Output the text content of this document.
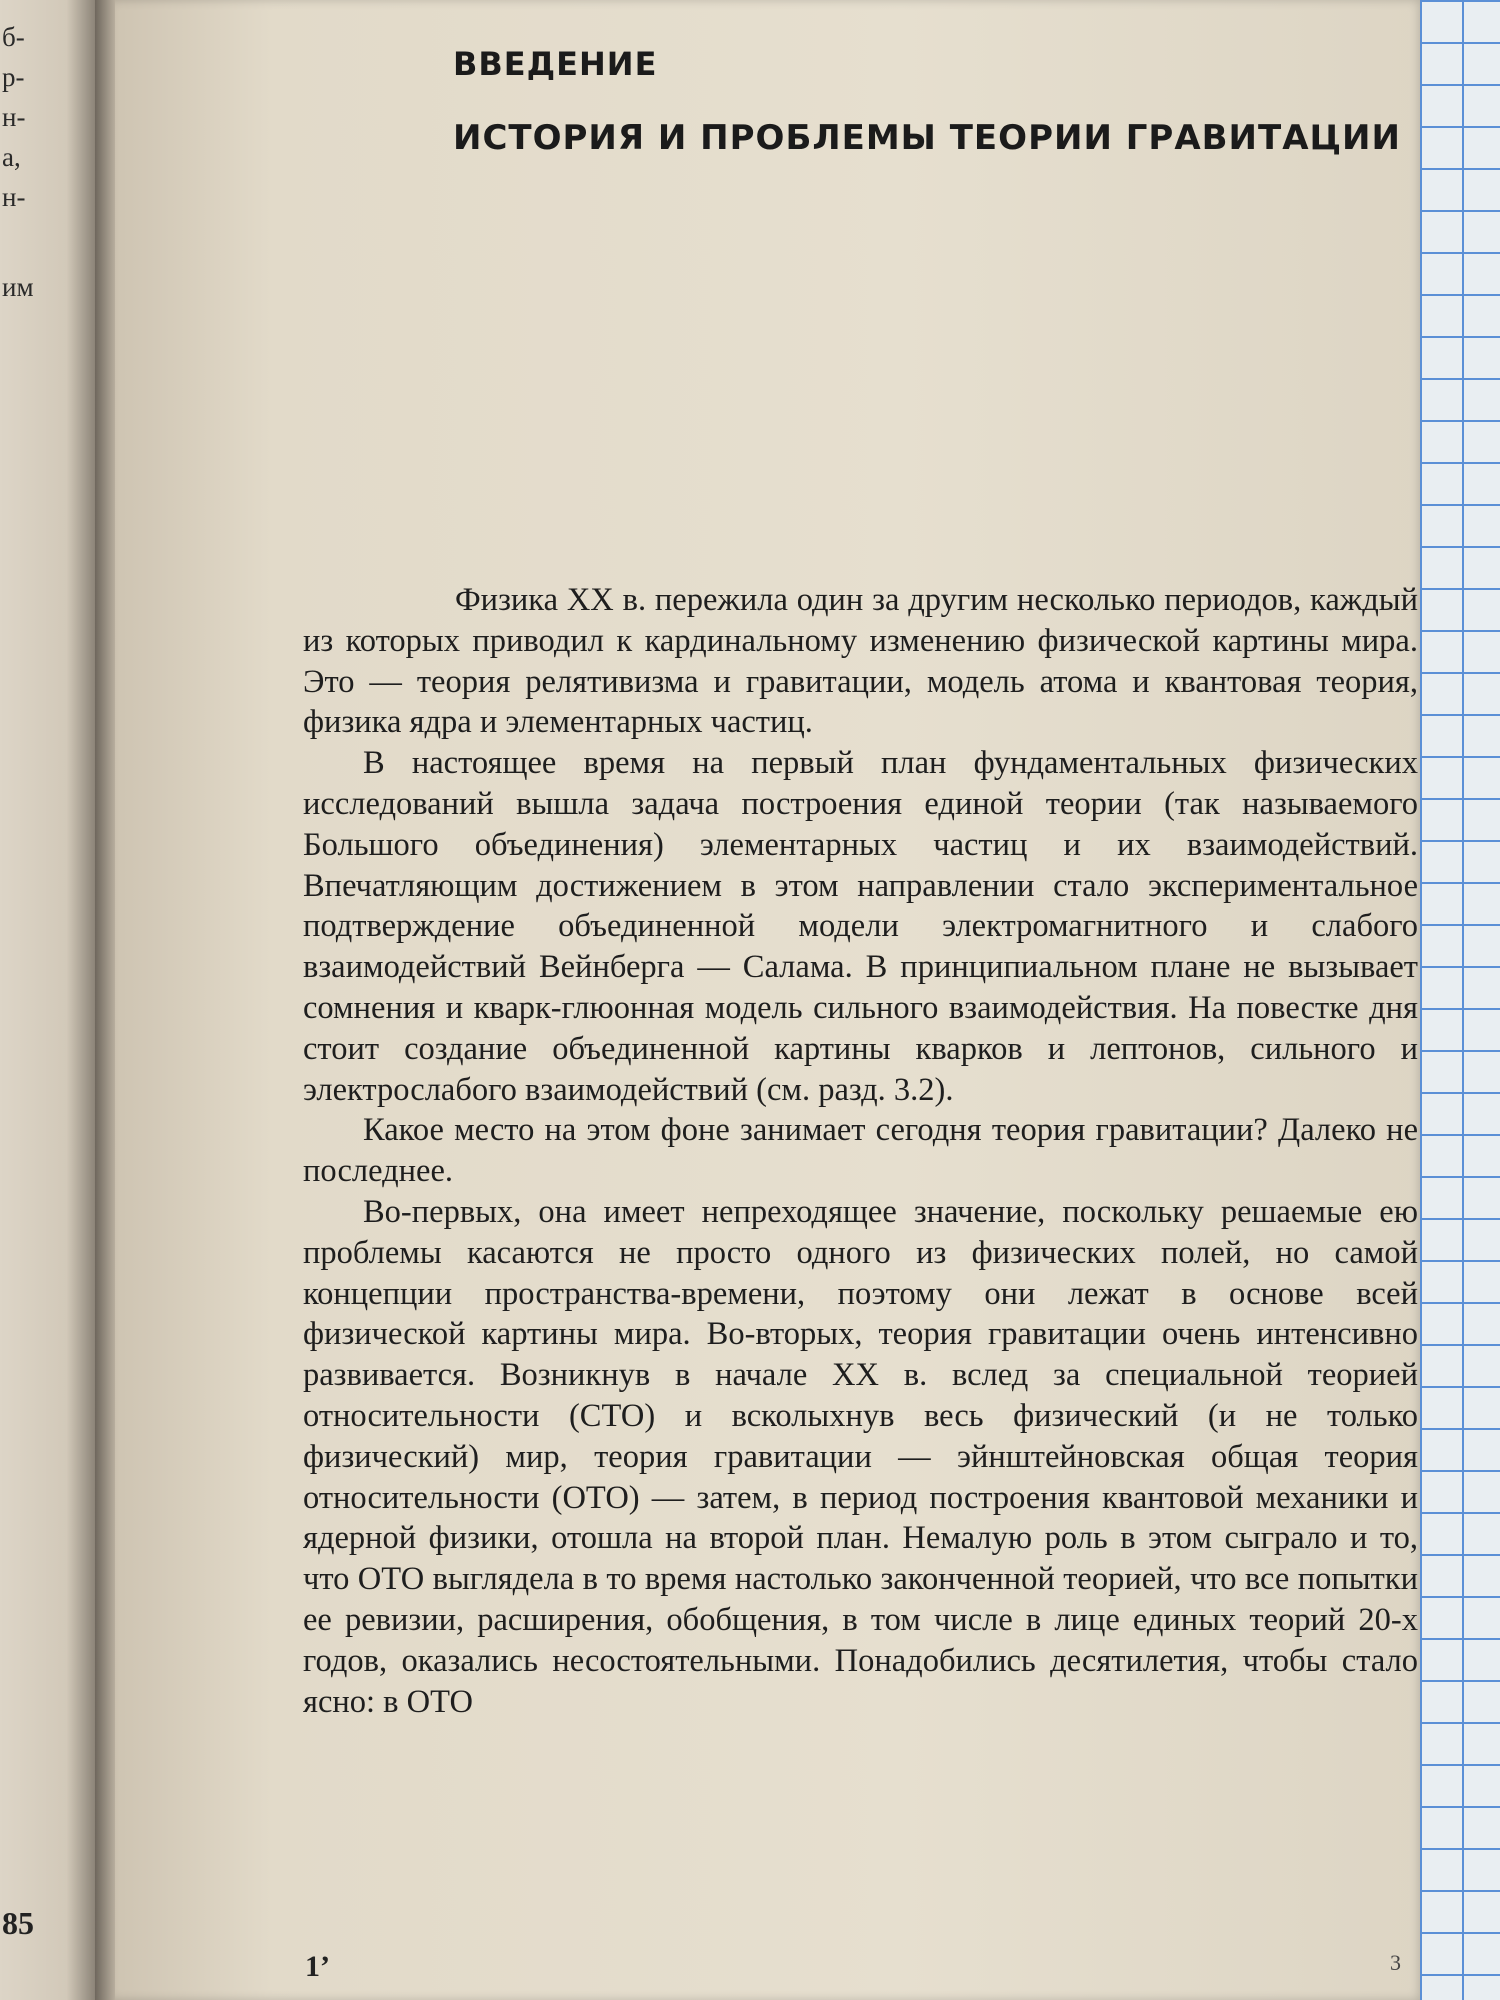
б-
р-
н-
а,
н-
им
85
ВВЕДЕНИЕ
ИСТОРИЯ И ПРОБЛЕМЫ ТЕОРИИ ГРАВИТАЦИИ

Физика XX в. пережила один за другим несколько периодов, каждый из которых приводил к кардинальному изменению физической картины мира. Это — теория релятивизма и гравитации, модель атома и квантовая теория, физика ядра и элементарных частиц.

В настоящее время на первый план фундаментальных физических исследований вышла задача построения единой теории (так называемого Большого объединения) элементарных частиц и их взаимодействий. Впечатляющим достижением в этом направлении стало экспериментальное подтверждение объединенной модели электромагнитного и слабого взаимодействий Вейнберга — Салама. В принципиальном плане не вызывает сомнения и кварк-глюонная модель сильного взаимодействия. На повестке дня стоит создание объединенной картины кварков и лептонов, сильного и электрослабого взаимодействий (см. разд. 3.2).

Какое место на этом фоне занимает сегодня теория гравитации? Далеко не последнее.

Во-первых, она имеет непреходящее значение, поскольку решаемые ею проблемы касаются не просто одного из физических полей, но самой концепции пространства-времени, поэтому они лежат в основе всей физической картины мира. Во-вторых, теория гравитации очень интенсивно развивается. Возникнув в начале XX в. вслед за специальной теорией относительности (СТО) и всколыхнув весь физический (и не только физический) мир, теория гравитации — эйнштейновская общая теория относительности (ОТО) — затем, в период построения квантовой механики и ядерной физики, отошла на второй план. Немалую роль в этом сыграло и то, что ОТО выглядела в то время настолько законченной теорией, что все попытки ее ревизии, расширения, обобщения, в том числе в лице единых теорий 20-х годов, оказались несостоятельными. Понадобились десятилетия, чтобы стало ясно: в ОТО

1’	3
